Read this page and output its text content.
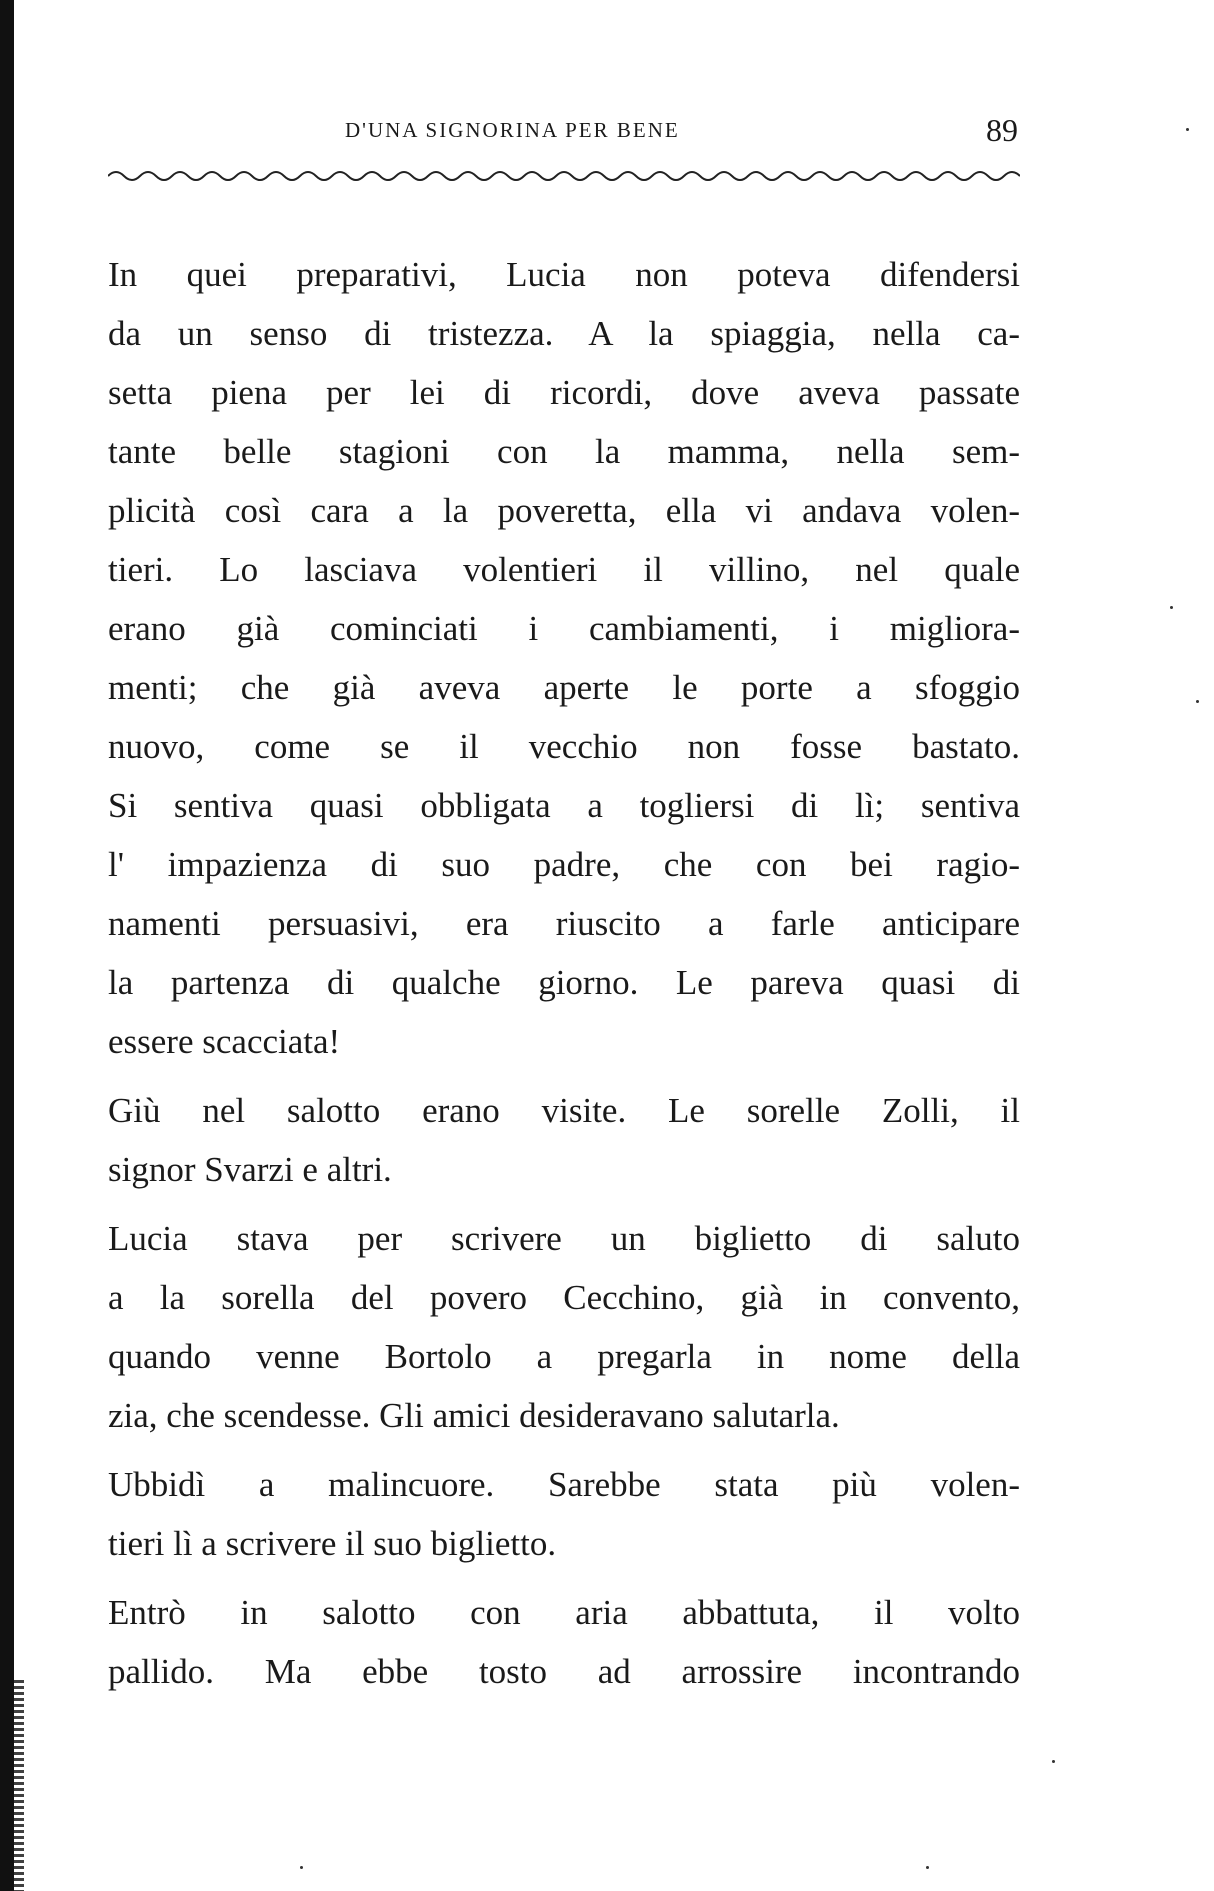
D'UNA SIGNORINA PER BENE	89
In quei preparativi, Lucia non poteva difendersi
da un senso di tristezza. A la spiaggia, nella ca-
setta piena per lei di ricordi, dove aveva passate
tante belle stagioni con la mamma, nella sem-
plicità così cara a la poveretta, ella vi andava volen-
tieri. Lo lasciava volentieri il villino, nel quale
erano già cominciati i cambiamenti, i migliora-
menti; che già aveva aperte le porte a sfoggio
nuovo, come se il vecchio non fosse bastato.
Si sentiva quasi obbligata a togliersi di lì; sentiva
l' impazienza di suo padre, che con bei ragio-
namenti persuasivi, era riuscito a farle anticipare
la partenza di qualche giorno. Le pareva quasi di
essere scacciata!
Giù nel salotto erano visite. Le sorelle Zolli, il
signor Svarzi e altri.
Lucia stava per scrivere un biglietto di saluto
a la sorella del povero Cecchino, già in convento,
quando venne Bortolo a pregarla in nome della
zia, che scendesse. Gli amici desideravano salutarla.
Ubbidì a malincuore. Sarebbe stata più volen-
tieri lì a scrivere il suo biglietto.
Entrò in salotto con aria abbattuta, il volto
pallido. Ma ebbe tosto ad arrossire incontrando
